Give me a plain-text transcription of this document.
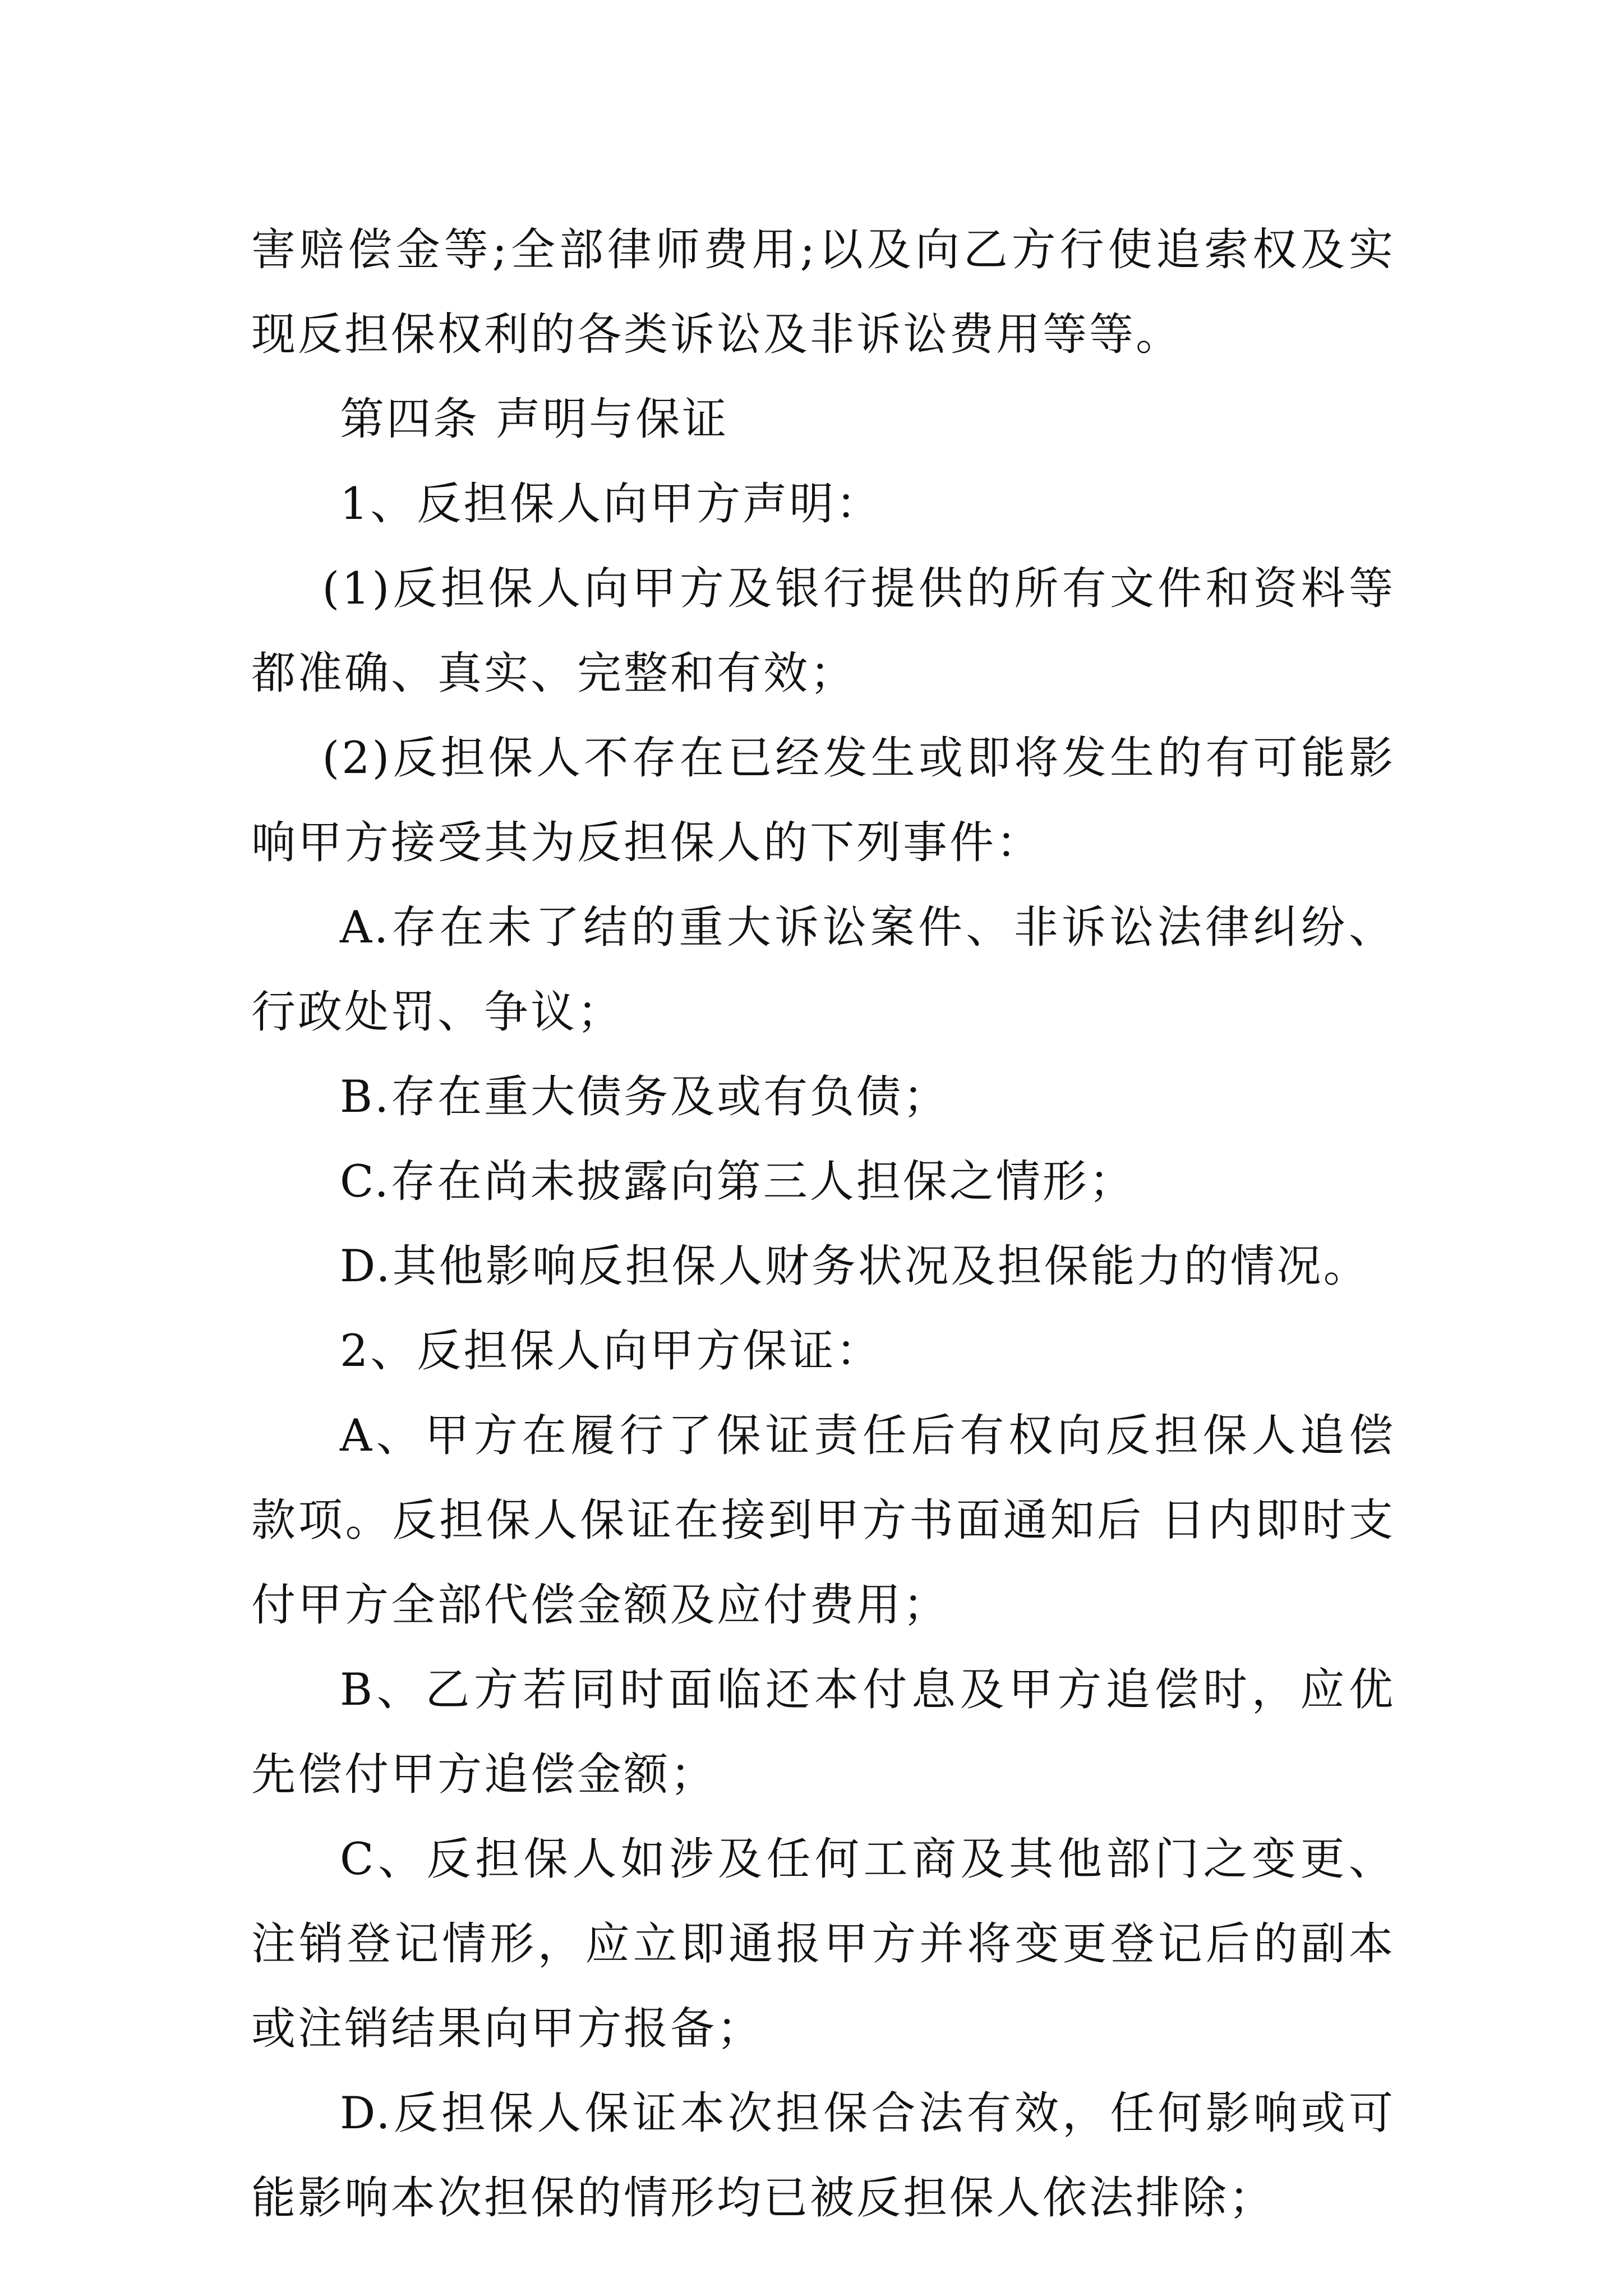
害赔偿金等;全部律师费用;以及向乙方行使追索权及实现反担保权利的各类诉讼及非诉讼费用等等。

第四条 声明与保证

1、反担保人向甲方声明：

(1)反担保人向甲方及银行提供的所有文件和资料等都准确、真实、完整和有效；

(2)反担保人不存在已经发生或即将发生的有可能影响甲方接受其为反担保人的下列事件：

A.存在未了结的重大诉讼案件、非诉讼法律纠纷、行政处罚、争议；

B.存在重大债务及或有负债；

C.存在尚未披露向第三人担保之情形；

D.其他影响反担保人财务状况及担保能力的情况。

2、反担保人向甲方保证：

A、甲方在履行了保证责任后有权向反担保人追偿款项。反担保人保证在接到甲方书面通知后 日内即时支付甲方全部代偿金额及应付费用；

B、乙方若同时面临还本付息及甲方追偿时，应优先偿付甲方追偿金额；

C、反担保人如涉及任何工商及其他部门之变更、注销登记情形，应立即通报甲方并将变更登记后的副本或注销结果向甲方报备；

D.反担保人保证本次担保合法有效，任何影响或可能影响本次担保的情形均已被反担保人依法排除；
